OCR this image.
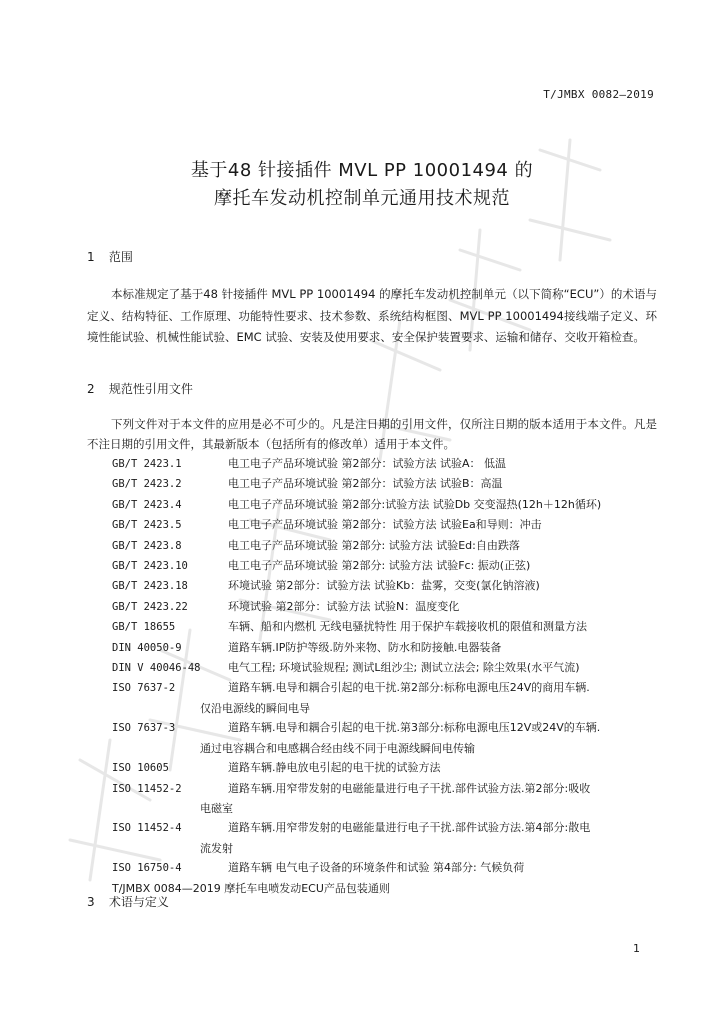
T/JMBX 0082—2019
基于48 针接插件 MVL PP 10001494 的
摩托车发动机控制单元通用技术规范
1 范围
本标准规定了基于48 针接插件 MVL PP 10001494 的摩托车发动机控制单元（以下简称“ECU”）的术语与定义、结构特征、工作原理、功能特性要求、技术参数、系统结构框图、MVL PP 10001494接线端子定义、环境性能试验、机械性能试验、EMC 试验、安装及使用要求、安全保护装置要求、运输和储存、交收开箱检查。
2 规范性引用文件
下列文件对于本文件的应用是必不可少的。凡是注日期的引用文件，仅所注日期的版本适用于本文件。凡是不注日期的引用文件，其最新版本（包括所有的修改单）适用于本文件。
GB/T 2423.1	电工电子产品环境试验 第2部分：试验方法 试验A： 低温
GB/T 2423.2	电工电子产品环境试验 第2部分：试验方法 试验B：高温
GB/T 2423.4	电工电子产品环境试验 第2部分:试验方法 试验Db 交变湿热(12h＋12h循环)
GB/T 2423.5	电工电子产品环境试验 第2部分：试验方法 试验Ea和导则：冲击
GB/T 2423.8	电工电子产品环境试验 第2部分: 试验方法 试验Ed:自由跌落
GB/T 2423.10	电工电子产品环境试验 第2部分: 试验方法 试验Fc: 振动(正弦)
GB/T 2423.18	环境试验 第2部分：试验方法 试验Kb：盐雾，交变(氯化钠溶液)
GB/T 2423.22	环境试验 第2部分：试验方法 试验N：温度变化
GB/T 18655	车辆、船和内燃机 无线电骚扰特性 用于保护车载接收机的限值和测量方法
DIN 40050-9	道路车辆.IP防护等级.防外来物、防水和防接触.电器装备
DIN V 40046-48 电气工程; 环境试验规程; 测试L组沙尘; 测试立法会; 除尘效果(水平气流)
ISO 7637-2	道路车辆.电导和耦合引起的电干扰.第2部分:标称电源电压24V的商用车辆.
仅沿电源线的瞬间电导
ISO 7637-3	道路车辆.电导和耦合引起的电干扰.第3部分:标称电源电压12V或24V的车辆.
通过电容耦合和电感耦合经由线不同于电源线瞬间电传输
ISO 10605	道路车辆.静电放电引起的电干扰的试验方法
ISO 11452-2	道路车辆.用窄带发射的电磁能量进行电子干扰.部件试验方法.第2部分:吸收
电磁室
ISO 11452-4	道路车辆.用窄带发射的电磁能量进行电子干扰.部件试验方法.第4部分:散电
流发射
ISO 16750-4	道路车辆 电气电子设备的环境条件和试验 第4部分: 气候负荷
T/JMBX 0084—2019 摩托车电喷发动ECU产品包装通则
3 术语与定义
1
